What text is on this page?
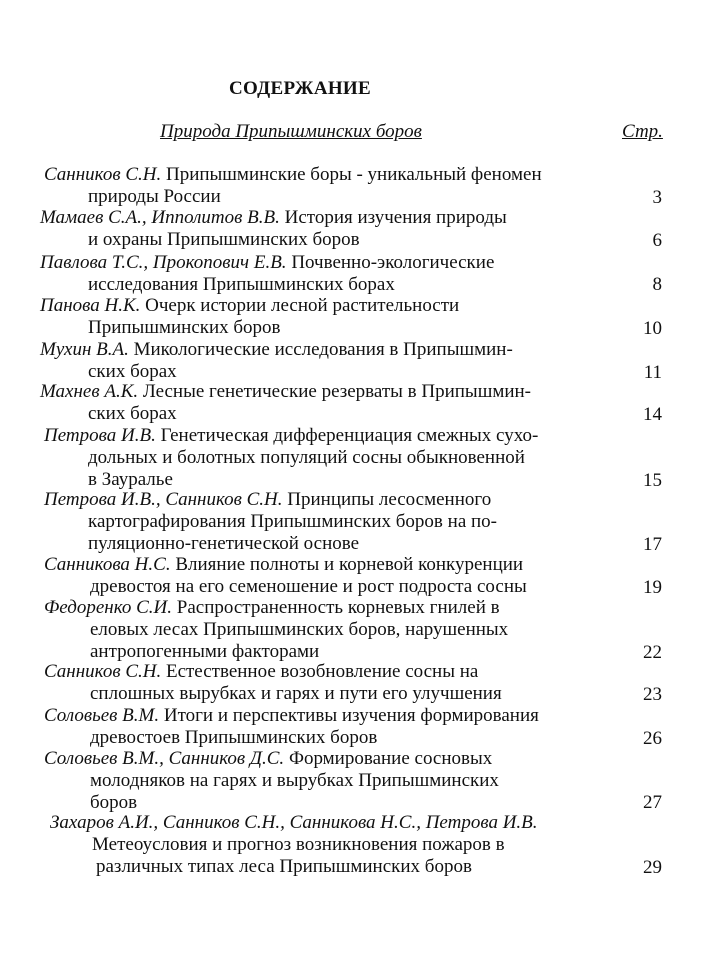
СОДЕРЖАНИЕ
Природа Припышминских боров	Стр.
Санников С.Н. Припышминские боры - уникальный феномен
природы России	3
Мамаев С.А., Ипполитов В.В. История изучения природы
и охраны Припышминских боров	6
Павлова Т.С., Прокопович Е.В. Почвенно-экологические
исследования Припышминских борах	8
Панова Н.К. Очерк истории лесной растительности
Припышминских боров	10
Мухин В.А. Микологические исследования в Припышмин-
ских борах	11
Махнев А.К. Лесные генетические резерваты в Припышмин-
ских борах	14
Петрова И.В. Генетическая дифференциация смежных сухо-
дольных и болотных популяций сосны обыкновенной
в Зауралье	15
Петрова И.В., Санников С.Н. Принципы лесосменного
картографирования Припышминских боров на по-
пуляционно-генетической основе	17
Санникова Н.С. Влияние полноты и корневой конкуренции
древостоя на его семеношение и рост подроста сосны	19
Федоренко С.И. Распространенность корневых гнилей в
еловых лесах Припышминских боров, нарушенных
антропогенными факторами	22
Санников С.Н. Естественное возобновление сосны на
сплошных вырубках и гарях и пути его улучшения	23
Соловьев В.М. Итоги и перспективы изучения формирования
древостоев Припышминских боров	26
Соловьев В.М., Санников Д.С. Формирование сосновых
молодняков на гарях и вырубках Припышминских
боров	27
Захаров А.И., Санников С.Н., Санникова Н.С., Петрова И.В.
Метеоусловия и прогноз возникновения пожаров в
различных типах леса Припышминских боров	29
